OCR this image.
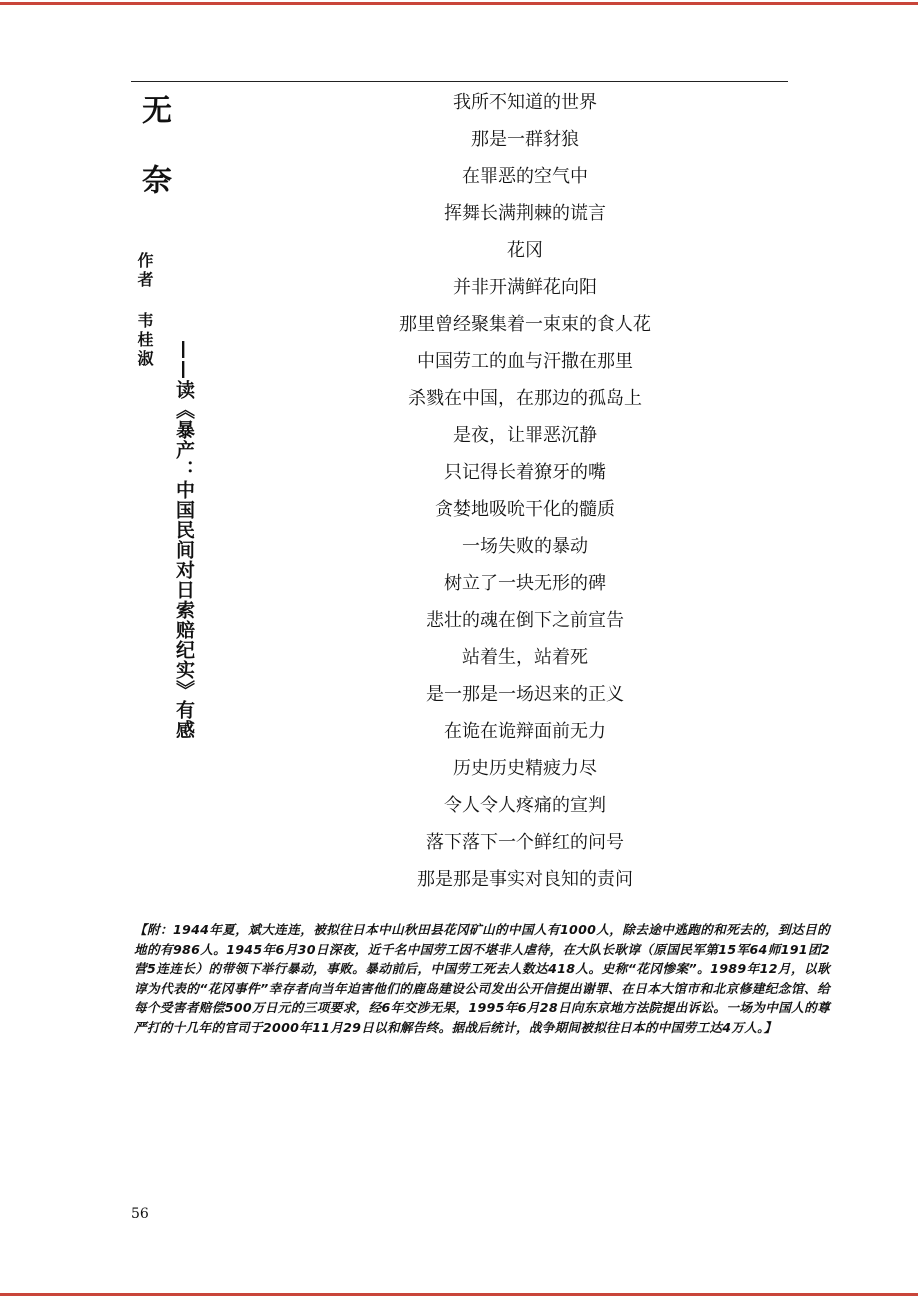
无奈
作者韦桂淑 ——读《暴产：中国民间对日索赔纪实》有感
我所不知道的世界
那是一群豺狼
在罪恶的空气中
挥舞长满荆棘的谎言
花冈
并非开满鲜花向阳
那里曾经聚集着一束束的食人花
中国劳工的血与汗撒在那里
杀戮在中国，在那边的孤岛上
是夜，让罪恶沉静
只记得长着獠牙的嘴
贪婪地吸吮干化的髓质
一场失败的暴动
树立了一块无形的碑
悲壮的魂在倒下之前宣告
站着生，站着死
是一那是一场迟来的正义
在诡在诡辩面前无力
历史历史精疲力尽
令人令人疼痛的宣判
落下落下一个鲜红的问号
那是那是事实对良知的责问

【附：1944年夏，斌大连连，被拟往日本中山秋田县花冈矿山的中国人有1000人，除去途中逃跑的和死去的，到达目的地的有986人。1945年6月30日深夜，近千名中国劳工因不堪非人虐待，在大队长耿谆（原国民军第15军64师191团2营5连连长）的带领下举行暴动，事败。暴动前后，中国劳工死去人数达418人。史称“花冈惨案”。1989年12月，以耿谆为代表的“花冈事件”幸存者向当年迫害他们的鹿岛建设公司发出公开信提出谢罪、在日本大馆市和北京修建纪念馆、给每个受害者赔偿500万日元的三项要求，经6年交涉无果，1995年6月28日向东京地方法院提出诉讼。一场为中国人的尊严打的十几年的官司于2000年11月29日以和解告终。据战后统计，战争期间被拟往日本的中国劳工达4万人。】

56
